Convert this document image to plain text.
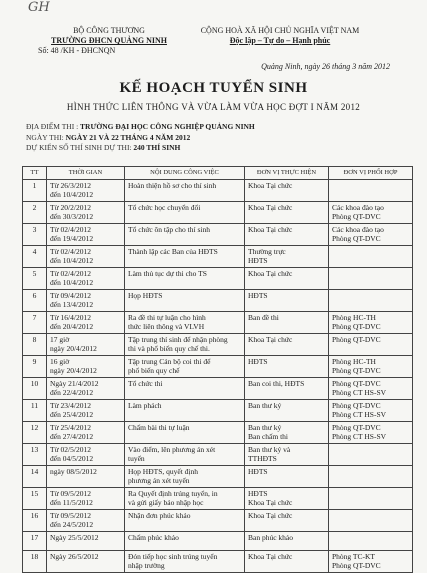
GH
BỘ CÔNG THƯƠNG
TRƯỜNG ĐHCN QUẢNG NINH
Số: 48 /KH - ĐHCNQN
CỘNG HOÀ XÃ HỘI CHỦ NGHĨA VIỆT NAM
Độc lập – Tự do – Hạnh phúc
Quảng Ninh, ngày 26 tháng 3 năm 2012
KẾ HOẠCH TUYỂN SINH
HÌNH THỨC LIÊN THÔNG VÀ VỪA LÀM VỪA HỌC ĐỢT I NĂM 2012
ĐỊA ĐIỂM THI : TRƯỜNG ĐẠI HỌC CÔNG NGHIỆP QUẢNG NINH
NGÀY THI: NGÀY 21 VÀ 22 THÁNG 4 NĂM 2012
DỰ KIẾN SỐ THÍ SINH DỰ THI: 240 THÍ SINH
TT	THỜI GIAN	NỘI DUNG CÔNG VIỆC	ĐƠN VỊ THỰC HIỆN	ĐƠN VỊ PHỐI HỢP
1	Từ 26/3/2012
đến 10/4/2012	Hoàn thiện hồ sơ cho thí sinh	Khoa Tại chức	

2	Từ 20/2/2012
đến 30/3/2012	Tổ chức học chuyển đổi	Khoa Tại chức	Các khoa đào tạo
Phòng QT-DVC

3	Từ 02/4/2012
đến 19/4/2012	Tổ chức ôn tập cho thí sinh	Khoa Tại chức	Các khoa đào tạo
Phòng QT-DVC

4	Từ 02/4/2012
đến 10/4/2012	Thành lập các Ban của HĐTS	Thường trực
HĐTS	

5	Từ 02/4/2012
đến 10/4/2012	Làm thủ tục dự thi cho TS	Khoa Tại chức	

6	Từ 09/4/2012
đến 13/4/2012	Họp HĐTS	HĐTS	

7	Từ 16/4/2012
đến 20/4/2012	Ra đề thi tự luận cho hình
thức liên thông và VLVH	Ban đề thi	Phòng HC-TH
Phòng QT-DVC

8	17 giờ
ngày 20/4/2012	Tập trung thí sinh để nhận phòng
thi và phổ biến quy chế thi.	Khoa Tại chức	Phòng QT-DVC

9	16 giờ
ngày 20/4/2012	Tập trung Cán bộ coi thi để
phổ biến quy chế	HĐTS	Phòng HC-TH
Phòng QT-DVC

10	Ngày 21/4/2012
đến 22/4/2012	Tổ chức thi	Ban coi thi, HĐTS	Phòng QT-DVC
Phòng CT HS-SV

11	Từ 23/4/2012
đến 25/4/2012	Làm phách	Ban thư ký	Phòng QT-DVC
Phòng CT HS-SV

12	Từ 25/4/2012
đến 27/4/2012	Chấm bài thi tự luận	Ban thư ký
Ban chấm thi	Phòng QT-DVC
Phòng CT HS-SV

13	Từ 02/5/2012
đến 04/5/2012	Vào điểm, lên phương án xét
tuyển	Ban thư ký và
TTHĐTS	

14	ngày 08/5/2012	Họp HĐTS, quyết định
phương án xét tuyển	HĐTS	

15	Từ 09/5/2012
đến 11/5/2012	Ra Quyết định trúng tuyển, in
và gửi giấy báo nhập học	HĐTS
Khoa Tại chức	

16	Từ 09/5/2012
đến 24/5/2012	Nhận đơn phúc khảo	Khoa Tại chức	

17	Ngày 25/5/2012	Chấm phúc khảo	Ban phúc khảo	

18	Ngày 26/5/2012	Đón tiếp học sinh trúng tuyển
nhập trường	Khoa Tại chức	Phòng TC-KT
Phòng QT-DVC
